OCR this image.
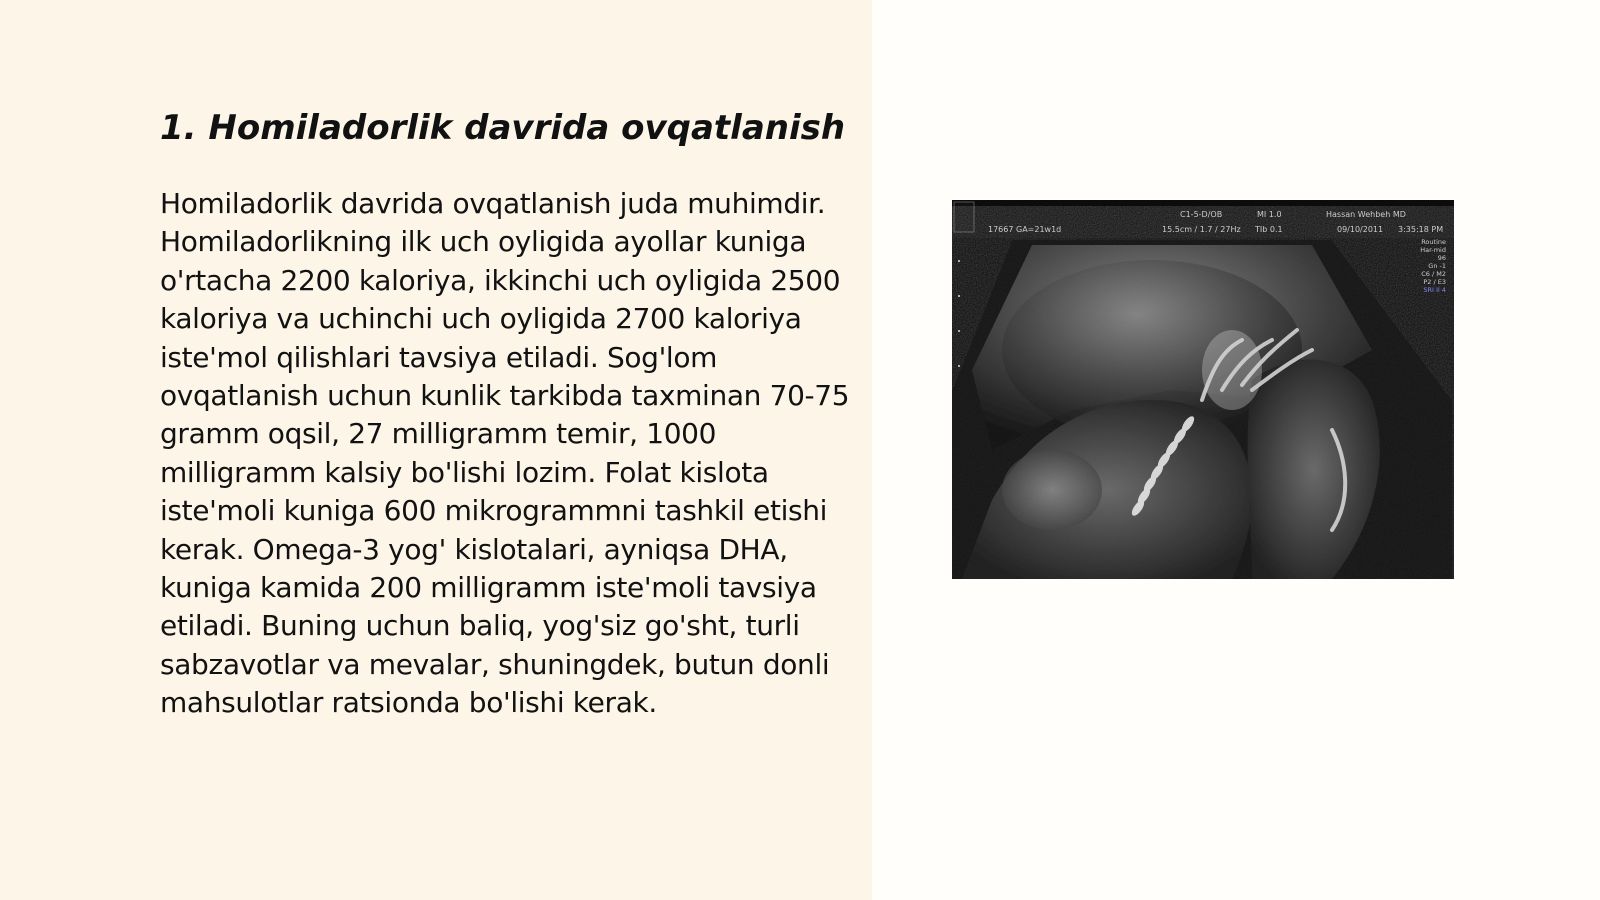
1. Homiladorlik davrida ovqatlanish

Homiladorlik davrida ovqatlanish juda muhimdir. Homiladorlikning ilk uch oyligida ayollar kuniga o'rtacha 2200 kaloriya, ikkinchi uch oyligida 2500 kaloriya va uchinchi uch oyligida 2700 kaloriya iste'mol qilishlari tavsiya etiladi. Sog'lom ovqatlanish uchun kunlik tarkibda taxminan 70-75 gramm oqsil, 27 milligramm temir, 1000 milligramm kalsiy bo'lishi lozim. Folat kislota iste'moli kuniga 600 mikrogrammni tashkil etishi kerak. Omega-3 yog' kislotalari, ayniqsa DHA, kuniga kamida 200 milligramm iste'moli tavsiya etiladi. Buning uchun baliq, yog'siz go'sht, turli sabzavotlar va mevalar, shuningdek, butun donli mahsulotlar ratsionda bo'lishi kerak.

C1-5-D/OB	MI 1.0	Hassan Wehbeh MD
17667 GA=21w1d	15.5cm / 1.7 / 27Hz TIb 0.1	09/10/2011 3:35:18 PM
Routine
Har-mid
96
Gn -1
C6 / M2
P2 / E3
SRI II 4
